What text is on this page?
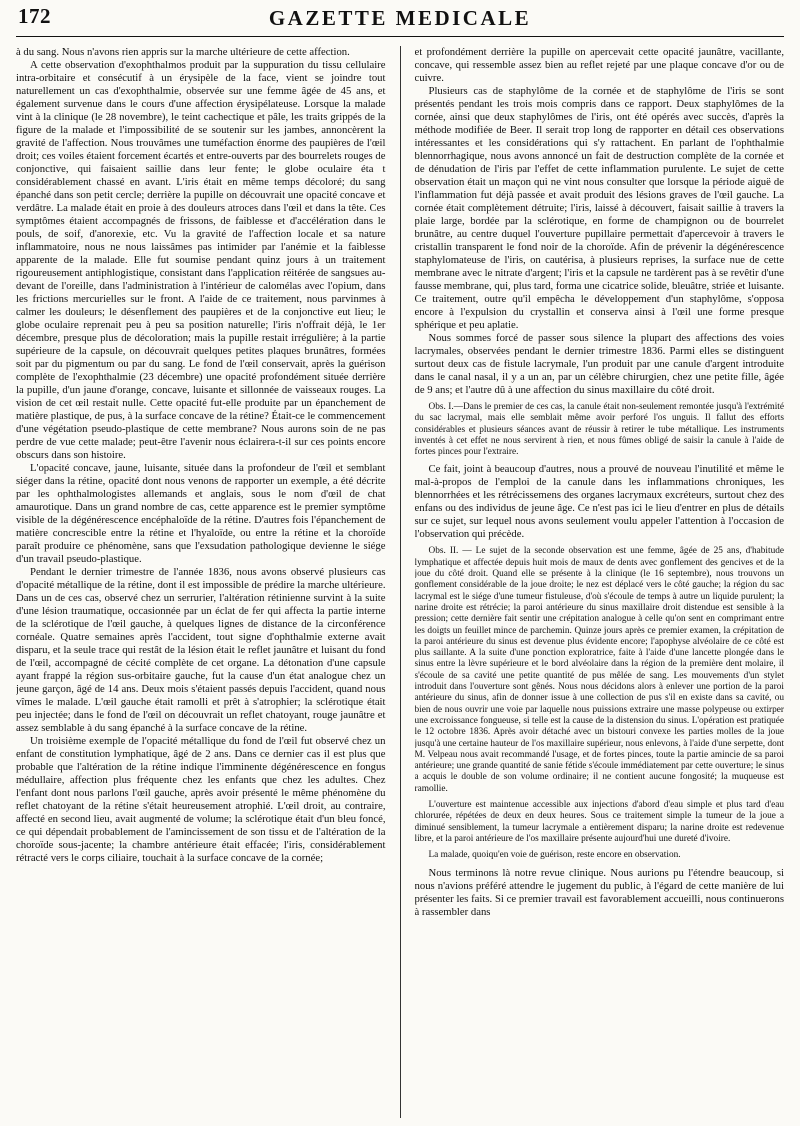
172	GAZETTE MEDICALE

à du sang. Nous n'avons rien appris sur la marche ultérieure de cette affection.

A cette observation d'exophthalmos produit par la suppuration du tissu cellulaire intra-orbitaire et consécutif à un érysipèle de la face, vient se joindre tout naturellement un cas d'exophthalmie, observée sur une femme âgée de 45 ans, et également survenue dans le cours d'une affection érysipélateuse. Lorsque la malade vint à la clinique (le 28 novembre), le teint cachectique et pâle, les traits grippés de la figure de la malade et l'impossibilité de se soutenir sur les jambes, annoncèrent la gravité de l'affection. Nous trouvâmes une tuméfaction énorme des paupières de l'œil droit; ces voiles étaient forcement écartés et entre-ouverts par des bourrelets rouges de conjonctive, qui faisaient saillie dans leur fente; le globe oculaire éta t considérablement chassé en avant. L'iris était en même temps décoloré; du sang épanché dans son petit cercle; derrière la pupille on découvrait une opacité concave et verdâtre. La malade était en proie à des douleurs atroces dans l'œil et dans la tête. Ces symptômes étaient accompagnés de frissons, de faiblesse et d'accélération dans le pouls, de soif, d'anorexie, etc. Vu la gravité de l'affection locale et sa nature inflammatoire, nous ne nous laissâmes pas intimider par l'anémie et la faiblesse apparente de la malade. Elle fut soumise pendant quinz jours à un traitement rigoureusement antiphlogistique, consistant dans l'application réitérée de sangsues au-devant de l'oreille, dans l'administration à l'intérieur de calomélas avec l'opium, dans les frictions mercurielles sur le front. A l'aide de ce traitement, nous parvinmes à calmer les douleurs; le désenflement des paupières et de la conjonctive eut lieu; le globe oculaire reprenait peu à peu sa position naturelle; l'iris n'offrait déjà, le 1er décembre, presque plus de décoloration; mais la pupille restait irrégulière; à la partie supérieure de la capsule, on découvrait quelques petites plaques brunâtres, formées soit par du pigmentum ou par du sang. Le fond de l'œil conservait, après la guérison complète de l'exophthalmie (23 décembre) une opacité profondément située derrière la pupille, d'un jaune d'orange, concave, luisante et sillonnée de vaisseaux rouges. La vision de cet œil restait nulle. Cette opacité fut-elle produite par un épanchement de matière plastique, de pus, à la surface concave de la rétine? Était-ce le commencement d'une végétation pseudo-plastique de cette membrane? Nous aurons soin de ne pas perdre de vue cette malade; peut-être l'avenir nous éclairera-t-il sur ces points encore obscurs dans son histoire.

L'opacité concave, jaune, luisante, située dans la profondeur de l'œil et semblant siéger dans la rétine, opacité dont nous venons de rapporter un exemple, a été décrite par les ophthalmologistes allemands et anglais, sous le nom d'œil de chat amaurotique. Dans un grand nombre de cas, cette apparence est le premier symptôme visible de la dégénérescence encéphaloïde de la rétine. D'autres fois l'épanchement de matière concrescible entre la rétine et l'hyaloïde, ou entre la rétine et la choroïde paraît produire ce phénomène, sans que l'exsudation pathologique devienne le siége d'un travail pseudo-plastique.

Pendant le dernier trimestre de l'année 1836, nous avons observé plusieurs cas d'opacité métallique de la rétine, dont il est impossible de prédire la marche ultérieure. Dans un de ces cas, observé chez un serrurier, l'altération rétinienne survint à la suite d'une lésion traumatique, occasionnée par un éclat de fer qui affecta la partie interne de la sclérotique de l'œil gauche, à quelques lignes de distance de la circonférence cornéale. Quatre semaines après l'accident, tout signe d'ophthalmie externe avait disparu, et la seule trace qui restât de la lésion était le reflet jaunâtre et luisant du fond de l'œil, accompagné de cécité complète de cet organe. La détonation d'une capsule ayant frappé la région sus-orbitaire gauche, fut la cause d'un état analogue chez un jeune garçon, âgé de 14 ans. Deux mois s'étaient passés depuis l'accident, quand nous vîmes le malade. L'œil gauche était ramolli et prêt à s'atrophier; la sclérotique était peu injectée; dans le fond de l'œil on découvrait un reflet chatoyant, rouge jaunâtre et assez semblable à du sang épanché à la surface concave de la rétine.

Un troisième exemple de l'opacité métallique du fond de l'œil fut observé chez un enfant de constitution lymphatique, âgé de 2 ans. Dans ce dernier cas il est plus que probable que l'altération de la rétine indique l'imminente dégénérescence en fongus médullaire, affection plus fréquente chez les enfants que chez les adultes. Chez l'enfant dont nous parlons l'œil gauche, après avoir présenté le même phénomène du reflet chatoyant de la rétine s'était heureusement atrophié. L'œil droit, au contraire, affecté en second lieu, avait augmenté de volume; la sclérotique était d'un bleu foncé, ce qui dépendait probablement de l'amincissement de son tissu et de l'altération de la choroïde sous-jacente; la chambre antérieure était effacée; l'iris, considérablement rétracté vers le corps ciliaire, touchait à la surface concave de la cornée;

et profondément derrière la pupille on apercevait cette opacité jaunâtre, vacillante, concave, qui ressemble assez bien au reflet rejeté par une plaque concave d'or ou de cuivre.

Plusieurs cas de staphylôme de la cornée et de staphylôme de l'iris se sont présentés pendant les trois mois compris dans ce rapport. Deux staphylômes de la cornée, ainsi que deux staphylômes de l'iris, ont été opérés avec succès, d'après la méthode modifiée de Beer. Il serait trop long de rapporter en détail ces observations intéressantes et les considérations qui s'y rattachent. En parlant de l'ophthalmie blennorrhagique, nous avons annoncé un fait de destruction complète de la cornée et de dénudation de l'iris par l'effet de cette inflammation purulente. Le sujet de cette observation était un maçon qui ne vint nous consulter que lorsque la période aiguë de l'inflammation fut déjà passée et avait produit des lésions graves de l'œil gauche. La cornée était complètement détruite; l'iris, laissé à découvert, faisait saillie à travers la plaie large, bordée par la sclérotique, en forme de champignon ou de bourrelet brunâtre, au centre duquel l'ouverture pupillaire permettait d'apercevoir à travers le cristallin transparent le fond noir de la choroïde. Afin de prévenir la dégénérescence staphylomateuse de l'iris, on cautérisa, à plusieurs reprises, la surface nue de cette membrane avec le nitrate d'argent; l'iris et la capsule ne tardèrent pas à se revêtir d'une fausse membrane, qui, plus tard, forma une cicatrice solide, bleuâtre, striée et luisante. Ce traitement, outre qu'il empêcha le développement d'un staphylôme, s'opposa encore à l'expulsion du crystallin et conserva ainsi à l'œil une forme presque sphérique et peu aplatie.

Nous sommes forcé de passer sous silence la plupart des affections des voies lacrymales, observées pendant le dernier trimestre 1836. Parmi elles se distinguent surtout deux cas de fistule lacrymale, l'un produit par une canule d'argent introduite dans le canal nasal, il y a un an, par un célèbre chirurgien, chez une petite fille, âgée de 9 ans; et l'autre dû à une affection du sinus maxillaire du côté droit.

Obs. I.—Dans le premier de ces cas, la canule était non-seulement remontée jusqu'à l'extrémité du sac lacrymal, mais elle semblait même avoir perforé l'os unguis. Il fallut des efforts considérables et plusieurs séances avant de réussir à retirer le tube métallique. Les instruments inventés à cet effet ne nous servirent à rien, et nous fûmes obligé de saisir la canule à l'aide de fortes pinces pour l'extraire.

Ce fait, joint à beaucoup d'autres, nous a prouvé de nouveau l'inutilité et même le mal-à-propos de l'emploi de la canule dans les inflammations chroniques, les blennorrhées et les rétrécissemens des organes lacrymaux excréteurs, surtout chez des enfans ou des individus de jeune âge. Ce n'est pas ici le lieu d'entrer en plus de détails sur ce sujet, sur lequel nous avons seulement voulu appeler l'attention à l'occasion de l'observation qui précède.

Obs. II. — Le sujet de la seconde observation est une femme, âgée de 25 ans, d'habitude lymphatique et affectée depuis huit mois de maux de dents avec gonflement des gencives et de la joue du côté droit. Quand elle se présente à la clinique (le 16 septembre), nous trouvons un gonflement considérable de la joue droite; le nez est déplacé vers le côté gauche; la région du sac lacrymal est le siége d'une tumeur fistuleuse, d'où s'écoule de temps à autre un liquide purulent; la narine droite est rétrécie; la paroi antérieure du sinus maxillaire droit distendue est sensible à la pression; cette dernière fait sentir une crépitation analogue à celle qu'on sent en comprimant entre les doigts un feuillet mince de parchemin. Quinze jours après ce premier examen, la crépitation de la paroi antérieure du sinus est devenue plus évidente encore; l'apophyse alvéolaire de ce côté est plus saillante. A la suite d'une ponction exploratrice, faite à l'aide d'une lancette plongée dans le sinus entre la lèvre supérieure et le bord alvéolaire dans la région de la première dent molaire, il s'écoule de sa cavité une petite quantité de pus mêlée de sang. Les mouvements d'un stylet introduit dans l'ouverture sont gênés. Nous nous décidons alors à enlever une portion de la paroi antérieure du sinus, afin de donner issue à une collection de pus s'il en existe dans sa cavité, ou bien de nous ouvrir une voie par laquelle nous puissions extraire une masse polypeuse ou extirper une excroissance fongueuse, si telle est la cause de la distension du sinus. L'opération est pratiquée le 12 octobre 1836. Après avoir détaché avec un bistouri convexe les parties molles de la joue jusqu'à une certaine hauteur de l'os maxillaire supérieur, nous enlevons, à l'aide d'une serpette, dont M. Velpeau nous avait recommandé l'usage, et de fortes pinces, toute la partie amincie de sa paroi antérieure; une grande quantité de sanie fétide s'écoule immédiatement par cette ouverture; le sinus a acquis le double de son volume ordinaire; il ne contient aucune fongosité; la muqueuse est ramollie.

L'ouverture est maintenue accessible aux injections d'abord d'eau simple et plus tard d'eau chlorurée, répétées de deux en deux heures. Sous ce traitement simple la tumeur de la joue a diminué sensiblement, la tumeur lacrymale a entièrement disparu; la narine droite est redevenue libre, et la paroi antérieure de l'os maxillaire présente aujourd'hui une dureté d'ivoire.

La malade, quoiqu'en voie de guérison, reste encore en observation.

Nous terminons là notre revue clinique. Nous aurions pu l'étendre beaucoup, si nous n'avions préféré attendre le jugement du public, à l'égard de cette manière de lui présenter les faits. Si ce premier travail est favorablement accueilli, nous continuerons à rassembler dans
